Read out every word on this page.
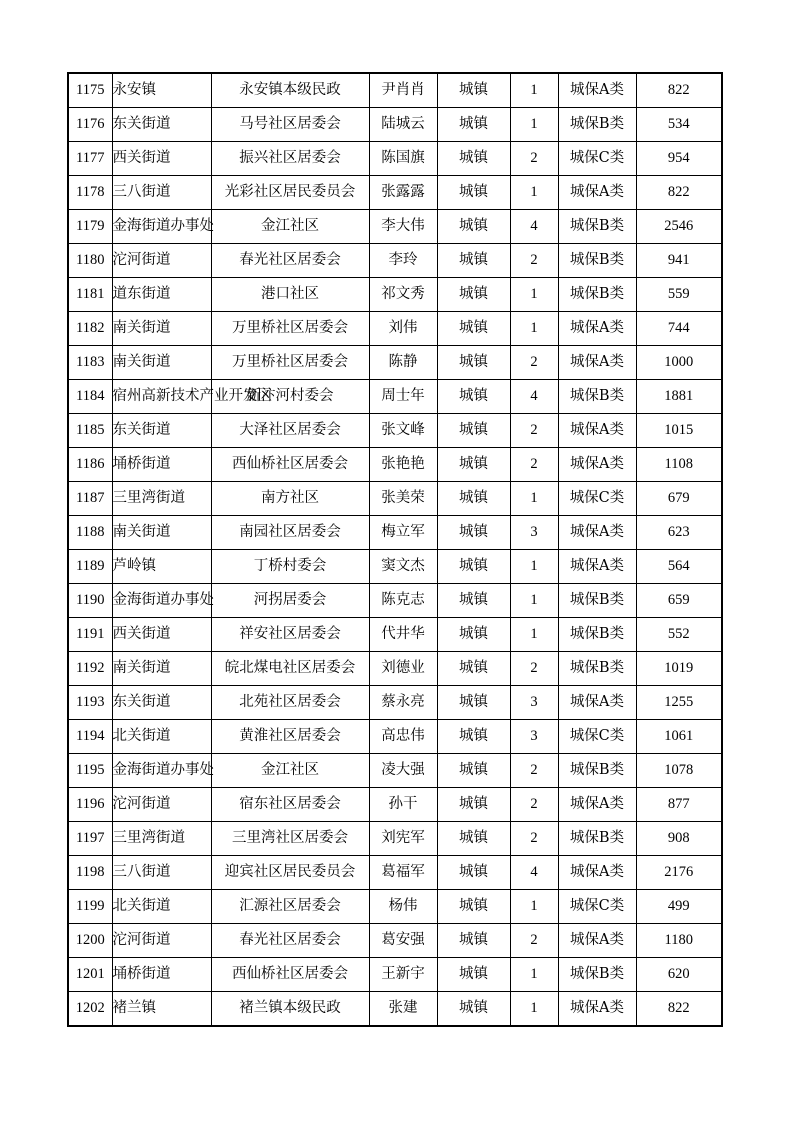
1175	永安镇	永安镇本级民政	尹肖肖	城镇	1	城保A类	822
1176	东关街道	马号社区居委会	陆城云	城镇	1	城保B类	534
1177	西关街道	振兴社区居委会	陈国旗	城镇	2	城保C类	954
1178	三八街道	光彩社区居民委员会	张露露	城镇	1	城保A类	822
1179	金海街道办事处	金江社区	李大伟	城镇	4	城保B类	2546
1180	沱河街道	春光社区居委会	李玲	城镇	2	城保B类	941
1181	道东街道	港口社区	祁文秀	城镇	1	城保B类	559
1182	南关街道	万里桥社区居委会	刘伟	城镇	1	城保A类	744
1183	南关街道	万里桥社区居委会	陈静	城镇	2	城保A类	1000
1184	宿州高新技术产业开发区	新汴河村委会	周士年	城镇	4	城保B类	1881
1185	东关街道	大泽社区居委会	张文峰	城镇	2	城保A类	1015
1186	埇桥街道	西仙桥社区居委会	张艳艳	城镇	2	城保A类	1108
1187	三里湾街道	南方社区	张美荣	城镇	1	城保C类	679
1188	南关街道	南园社区居委会	梅立军	城镇	3	城保A类	623
1189	芦岭镇	丁桥村委会	窦文杰	城镇	1	城保A类	564
1190	金海街道办事处	河拐居委会	陈克志	城镇	1	城保B类	659
1191	西关街道	祥安社区居委会	代井华	城镇	1	城保B类	552
1192	南关街道	皖北煤电社区居委会	刘德业	城镇	2	城保B类	1019
1193	东关街道	北苑社区居委会	蔡永亮	城镇	3	城保A类	1255
1194	北关街道	黄淮社区居委会	高忠伟	城镇	3	城保C类	1061
1195	金海街道办事处	金江社区	凌大强	城镇	2	城保B类	1078
1196	沱河街道	宿东社区居委会	孙干	城镇	2	城保A类	877
1197	三里湾街道	三里湾社区居委会	刘宪军	城镇	2	城保B类	908
1198	三八街道	迎宾社区居民委员会	葛福军	城镇	4	城保A类	2176
1199	北关街道	汇源社区居委会	杨伟	城镇	1	城保C类	499
1200	沱河街道	春光社区居委会	葛安强	城镇	2	城保A类	1180
1201	埇桥街道	西仙桥社区居委会	王新宇	城镇	1	城保B类	620
1202	褚兰镇	褚兰镇本级民政	张建	城镇	1	城保A类	822
